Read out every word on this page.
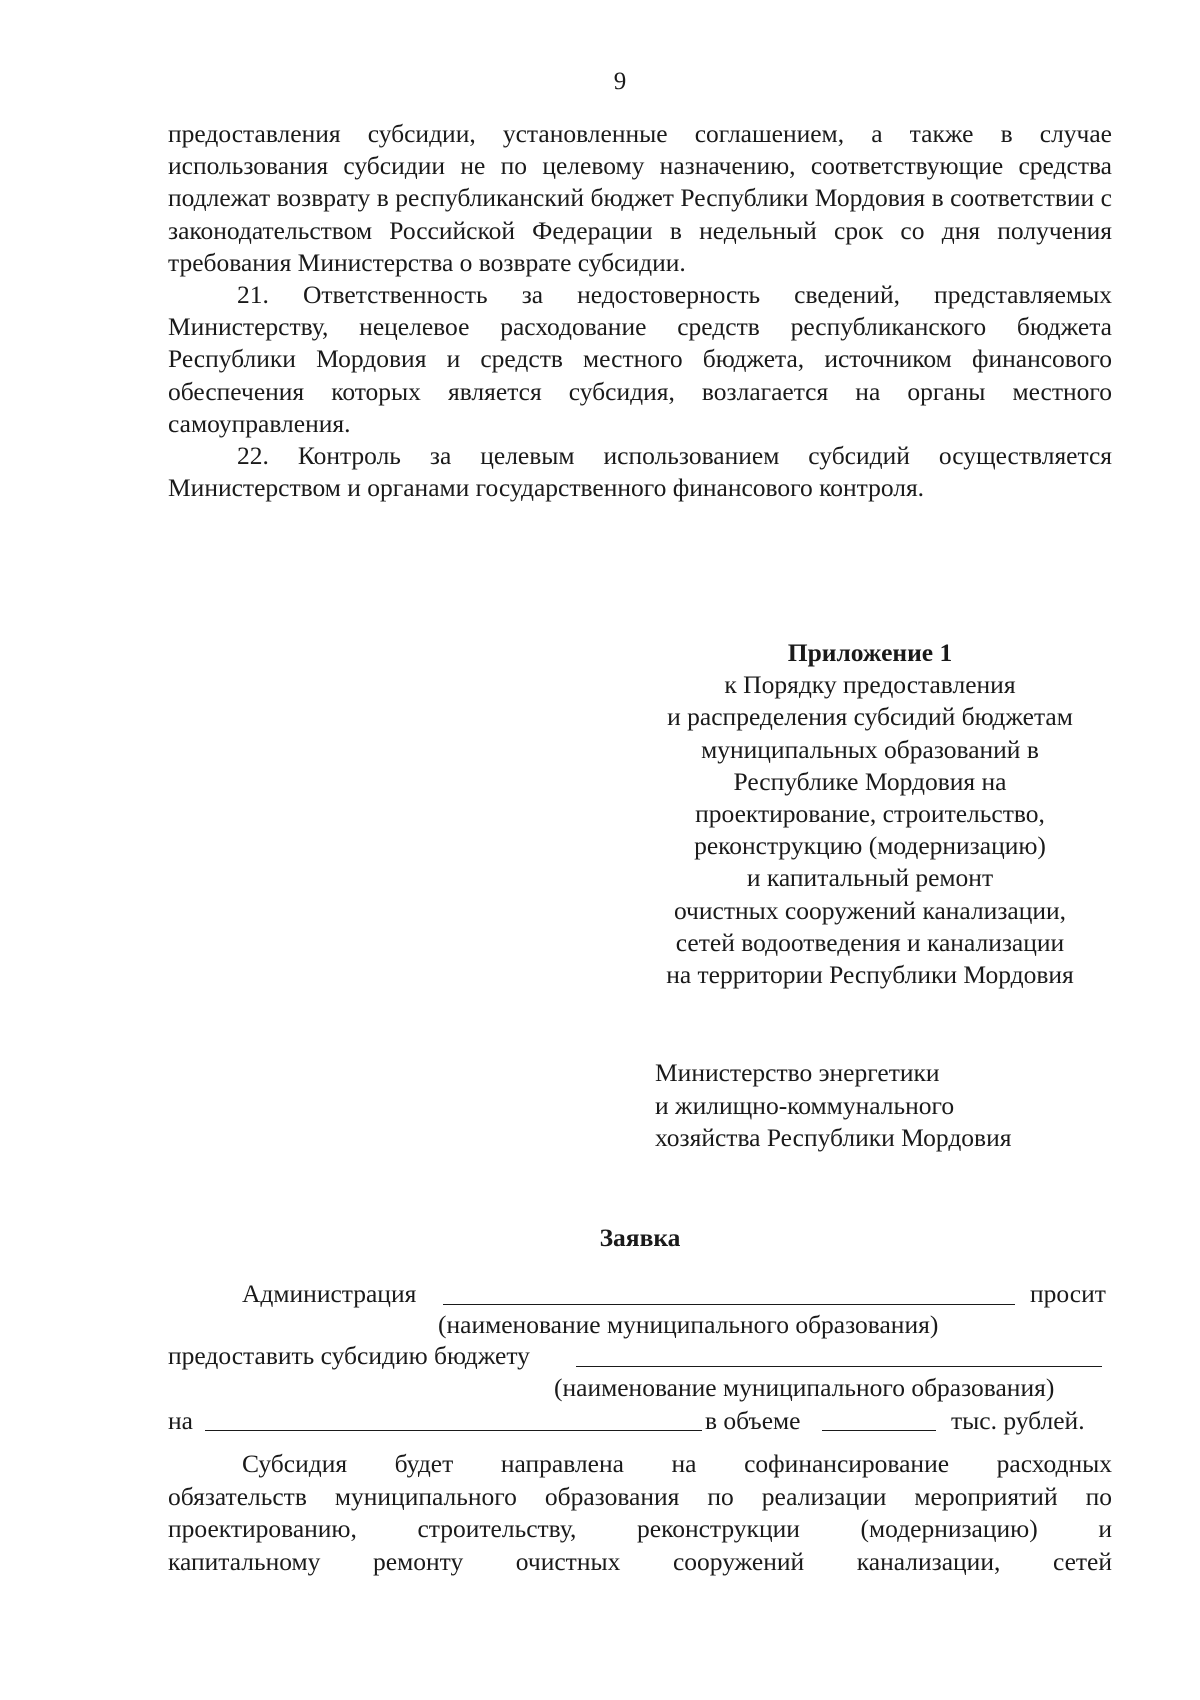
9

предоставления субсидии, установленные соглашением, а также в случае использования субсидии не по целевому назначению, соответствующие средства подлежат возврату в республиканский бюджет Республики Мордовия в соответствии с законодательством Российской Федерации в недельный срок со дня получения требования Министерства о возврате субсидии.

21. Ответственность за недостоверность сведений, представляемых Министерству, нецелевое расходование средств республиканского бюджета Республики Мордовия и средств местного бюджета, источником финансового обеспечения которых является субсидия, возлагается на органы местного самоуправления.

22. Контроль за целевым использованием субсидий осуществляется Министерством и органами государственного финансового контроля.

Приложение 1
к Порядку предоставления
и распределения субсидий бюджетам
муниципальных образований в
Республике Мордовия на
проектирование, строительство,
реконструкцию (модернизацию)
и капитальный ремонт
очистных сооружений канализации,
сетей водоотведения и канализации
на территории Республики Мордовия
Министерство энергетики
и жилищно-коммунального
хозяйства Республики Мордовия
Заявка
Администрация	просит
(наименование муниципального образования)
предоставить субсидию бюджету
(наименование муниципального образования)
на	в объеме	тыс. рублей.

Субсидия будет направлена на софинансирование расходных

обязательств муниципального образования по реализации мероприятий по

проектированию, строительству, реконструкции (модернизацию) и

капитальному ремонту очистных сооружений канализации, сетей
